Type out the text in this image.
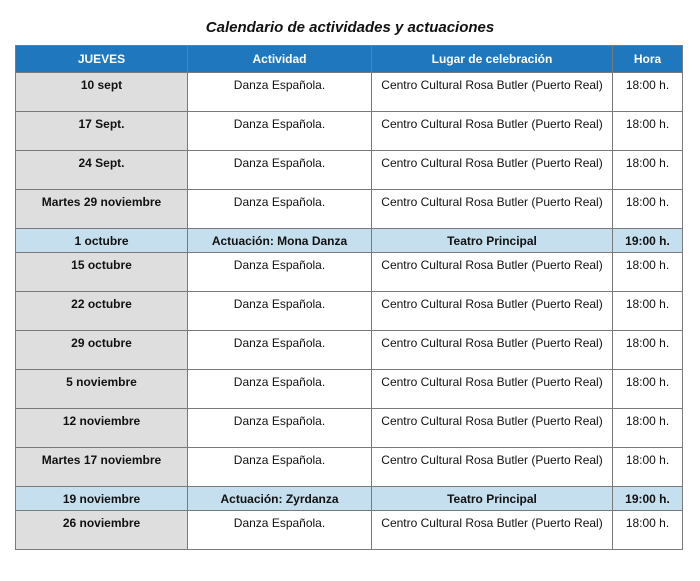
Calendario de actividades y actuaciones
JUEVES	Actividad	Lugar de celebración	Hora
10 sept	Danza Española.	Centro Cultural Rosa Butler (Puerto Real)	18:00 h.
17 Sept.	Danza Española.	Centro Cultural Rosa Butler (Puerto Real)	18:00 h.
24 Sept.	Danza Española.	Centro Cultural Rosa Butler (Puerto Real)	18:00 h.
Martes 29 noviembre	Danza Española.	Centro Cultural Rosa Butler (Puerto Real)	18:00 h.
1 octubre	Actuación: Mona Danza	Teatro Principal	19:00 h.
15 octubre	Danza Española.	Centro Cultural Rosa Butler (Puerto Real)	18:00 h.
22 octubre	Danza Española.	Centro Cultural Rosa Butler (Puerto Real)	18:00 h.
29 octubre	Danza Española.	Centro Cultural Rosa Butler (Puerto Real)	18:00 h.
5 noviembre	Danza Española.	Centro Cultural Rosa Butler (Puerto Real)	18:00 h.
12 noviembre	Danza Española.	Centro Cultural Rosa Butler (Puerto Real)	18:00 h.
Martes 17 noviembre	Danza Española.	Centro Cultural Rosa Butler (Puerto Real)	18:00 h.
19 noviembre	Actuación: Zyrdanza	Teatro Principal	19:00 h.
26 noviembre	Danza Española.	Centro Cultural Rosa Butler (Puerto Real)	18:00 h.
